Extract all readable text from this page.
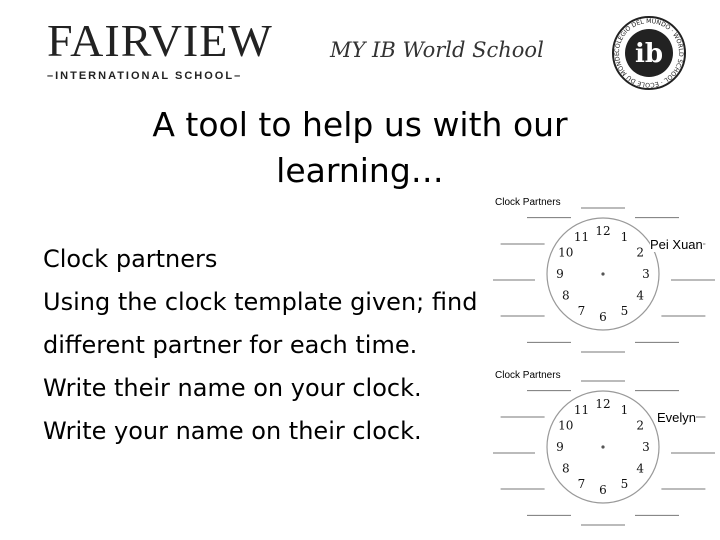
FAIRVIEW
–INTERNATIONAL SCHOOL–
MY IB World School	COLEGIO DEL MUNDO · WORLD SCHOOL · ÉCOLE DU MONDE ib
A tool to help us with our
learning…

Clock partners

Using the clock template given; find different partner for each time.

Write their name on your clock.

Write your name on their clock.

Clock Partners
12 1
2
3
4
5
6
7
8
9
10
11
Pei Xuan
Clock Partners
12 1
2
3
4
5
6
7
8
9
10
11
Evelyn
